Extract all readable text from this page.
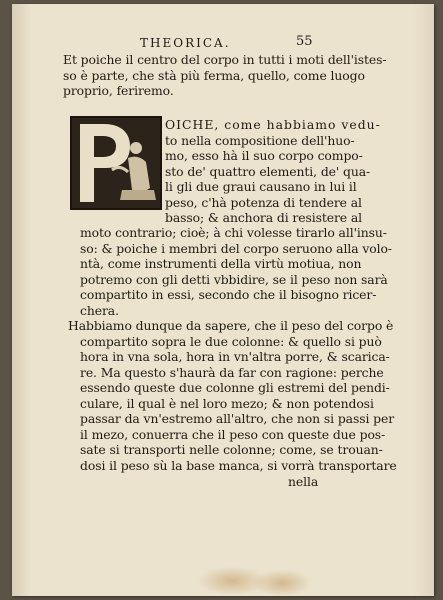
THEORICA.	55
Et poiche il centro del corpo in tutti i moti dell'istes-
so è parte, che stà più ferma, quello, come luogo
proprio, feriremo.
OICHE, come habbiamo vedu-
to nella compositione dell'huo-
mo, esso hà il suo corpo compo-
sto de' quattro elementi, de' qua-
li gli due graui causano in lui il
peso, c'hà potenza di tendere al
basso; & anchora di resistere al
moto contrario; cioè; à chi volesse tirarlo all'insu-
so: & poiche i membri del corpo seruono alla volo-
ntà, come instrumenti della virtù motiua, non
potremo con gli detti vbbidire, se il peso non sarà
compartito in essi, secondo che il bisogno ricer-
chera.
Habbiamo dunque da sapere, che il peso del corpo è
compartito sopra le due colonne: & quello si può
hora in vna sola, hora in vn'altra porre, & scarica-
re. Ma questo s'haurà da far con ragione: perche
essendo queste due colonne gli estremi del pendi-
culare, il qual è nel loro mezo; & non potendosi
passar da vn'estremo all'altro, che non si passi per
il mezo, conuerra che il peso con queste due pos-
sate si transporti nelle colonne; come, se trouan-
dosi il peso sù la base manca, si vorrà transportare
nella
